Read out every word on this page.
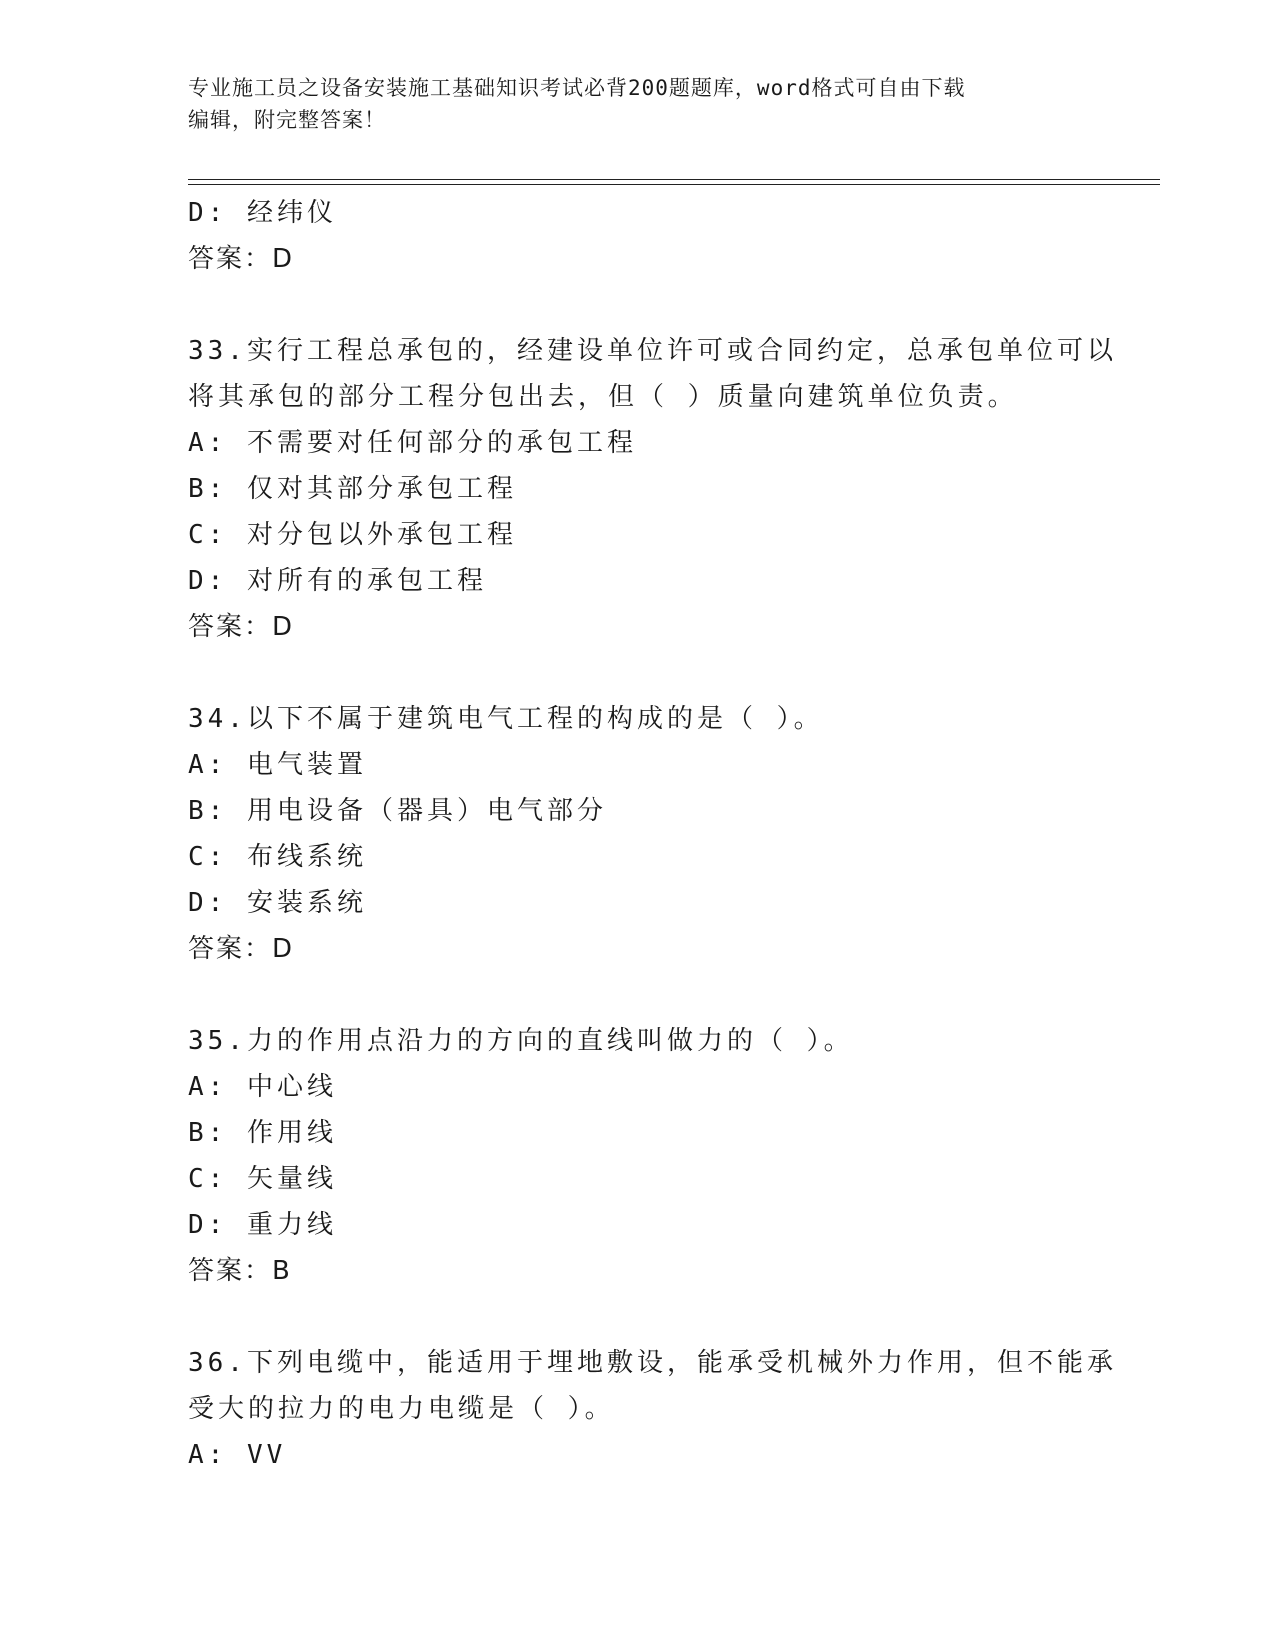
专业施工员之设备安装施工基础知识考试必背200题题库，word格式可自由下载
编辑，附完整答案！
D: 经纬仪
答案：D
33.实行工程总承包的，经建设单位许可或合同约定，总承包单位可以
将其承包的部分工程分包出去，但（ ）质量向建筑单位负责。
A: 不需要对任何部分的承包工程
B: 仅对其部分承包工程
C: 对分包以外承包工程
D: 对所有的承包工程
答案：D
34.以下不属于建筑电气工程的构成的是（ ）。
A: 电气装置
B: 用电设备（器具）电气部分
C: 布线系统
D: 安装系统
答案：D
35.力的作用点沿力的方向的直线叫做力的（ ）。
A: 中心线
B: 作用线
C: 矢量线
D: 重力线
答案：B
36.下列电缆中，能适用于埋地敷设，能承受机械外力作用，但不能承
受大的拉力的电力电缆是（ ）。
A: VV
